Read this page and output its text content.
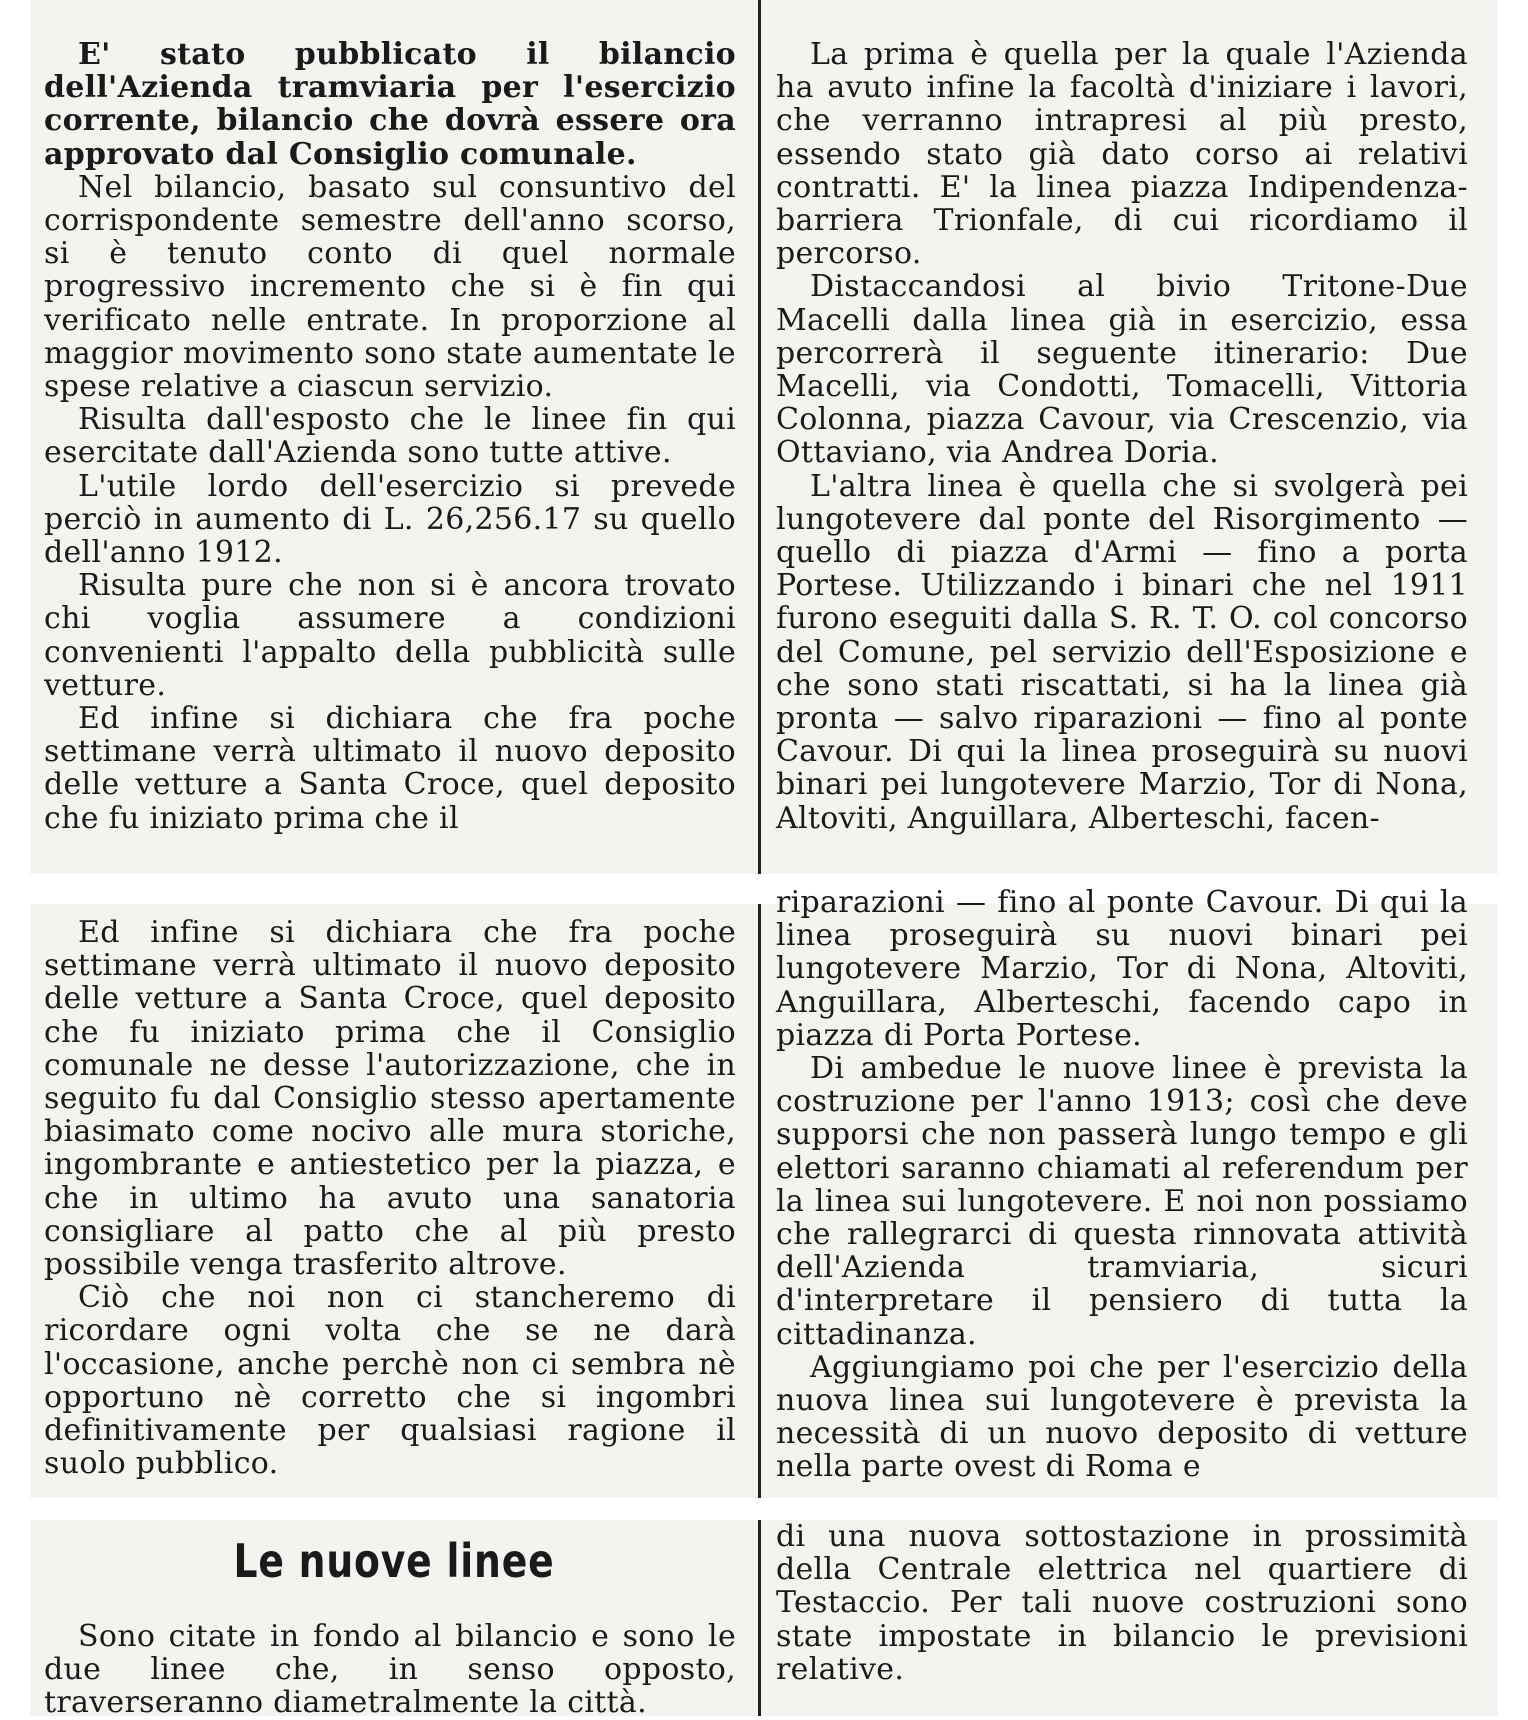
E' stato pubblicato il bilancio dell'Azienda tramviaria per l'esercizio corrente, bilancio che dovrà essere ora approvato dal Consiglio comunale.

Nel bilancio, basato sul consuntivo del corrispondente semestre dell'anno scorso, si è tenuto conto di quel normale progressivo incremento che si è fin qui verificato nelle entrate. In proporzione al maggior movimento sono state aumentate le spese relative a ciascun servizio.

Risulta dall'esposto che le linee fin qui esercitate dall'Azienda sono tutte attive.

L'utile lordo dell'esercizio si prevede perciò in aumento di L. 26,256.17 su quello dell'anno 1912.

Risulta pure che non si è ancora trovato chi voglia assumere a condizioni convenienti l'appalto della pubblicità sulle vetture.

Ed infine si dichiara che fra poche settimane verrà ultimato il nuovo deposito delle vetture a Santa Croce, quel deposito che fu iniziato prima che il

La prima è quella per la quale l'Azienda ha avuto infine la facoltà d'iniziare i lavori, che verranno intrapresi al più presto, essendo stato già dato corso ai relativi contratti. E' la linea piazza Indipendenza-barriera Trionfale, di cui ricordiamo il percorso.

Distaccandosi al bivio Tritone-Due Macelli dalla linea già in esercizio, essa percorrerà il seguente itinerario: Due Macelli, via Condotti, Tomacelli, Vittoria Colonna, piazza Cavour, via Crescenzio, via Ottaviano, via Andrea Doria.

L'altra linea è quella che si svolgerà pei lungotevere dal ponte del Risorgimento — quello di piazza d'Armi — fino a porta Portese. Utilizzando i binari che nel 1911 furono eseguiti dalla S. R. T. O. col concorso del Comune, pel servizio dell'Esposizione e che sono stati riscattati, si ha la linea già pronta — salvo riparazioni — fino al ponte Cavour. Di qui la linea proseguirà su nuovi binari pei lungotevere Marzio, Tor di Nona, Altoviti, Anguillara, Alberteschi, facen-

Ed infine si dichiara che fra poche settimane verrà ultimato il nuovo deposito delle vetture a Santa Croce, quel deposito che fu iniziato prima che il Consiglio comunale ne desse l'autorizzazione, che in seguito fu dal Consiglio stesso apertamente biasimato come nocivo alle mura storiche, ingombrante e antiestetico per la piazza, e che in ultimo ha avuto una sanatoria consigliare al patto che al più presto possibile venga trasferito altrove.

Ciò che noi non ci stancheremo di ricordare ogni volta che se ne darà l'occasione, anche perchè non ci sembra nè opportuno nè corretto che si ingombri definitivamente per qualsiasi ragione il suolo pubblico.

riparazioni — fino al ponte Cavour. Di qui la linea proseguirà su nuovi binari pei lungotevere Marzio, Tor di Nona, Altoviti, Anguillara, Alberteschi, facendo capo in piazza di Porta Portese.

Di ambedue le nuove linee è prevista la costruzione per l'anno 1913; così che deve supporsi che non passerà lungo tempo e gli elettori saranno chiamati al referendum per la linea sui lungotevere. E noi non possiamo che rallegrarci di questa rinnovata attività dell'Azienda tramviaria, sicuri d'interpretare il pensiero di tutta la cittadinanza.

Aggiungiamo poi che per l'esercizio della nuova linea sui lungotevere è prevista la necessità di un nuovo deposito di vetture nella parte ovest di Roma e

Le nuove linee

Sono citate in fondo al bilancio e sono le due linee che, in senso opposto, traverseranno diametralmente la città.

di una nuova sottostazione in prossimità della Centrale elettrica nel quartiere di Testaccio. Per tali nuove costruzioni sono state impostate in bilancio le previsioni relative.
